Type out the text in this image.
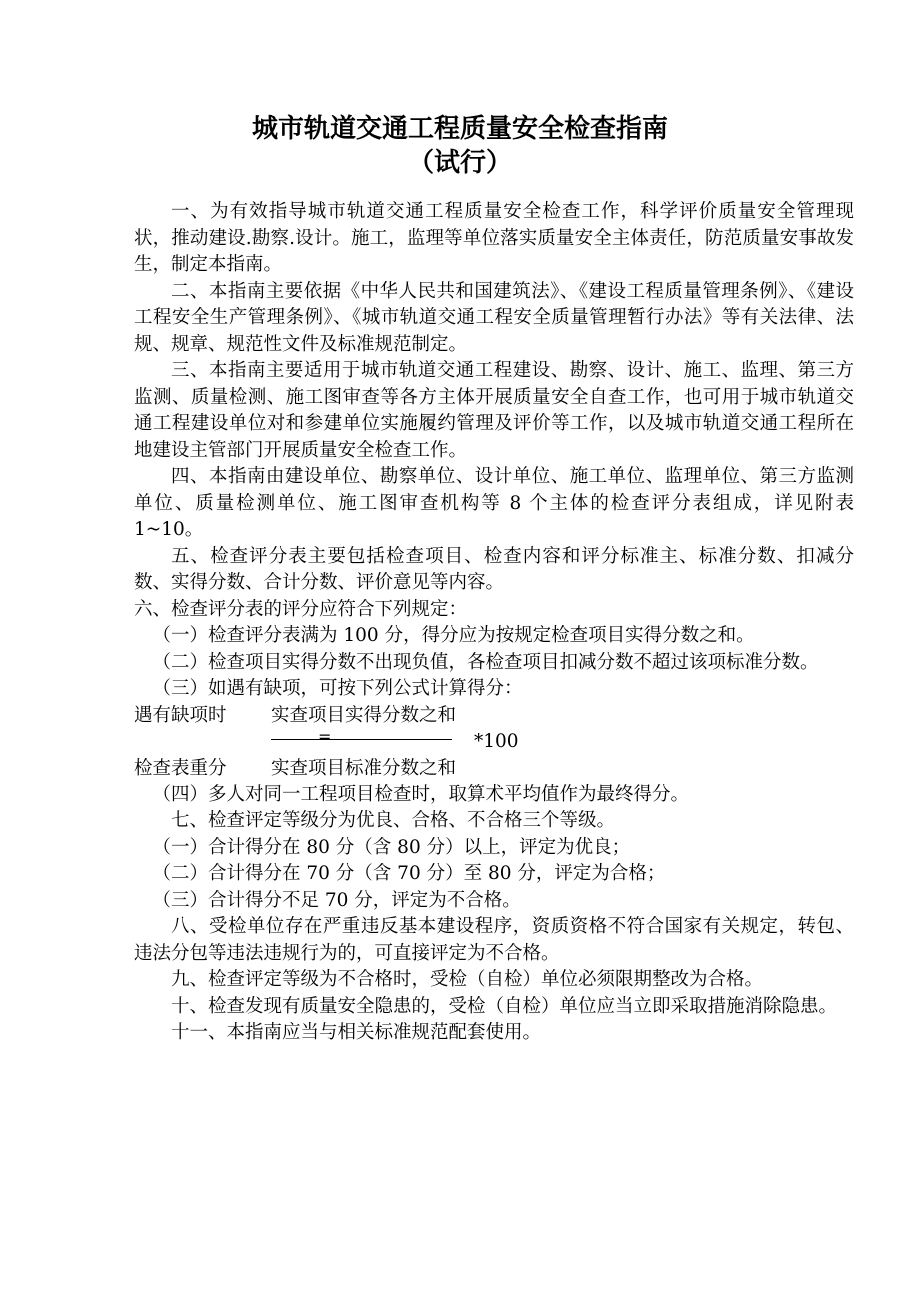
城市轨道交通工程质量安全检查指南
（试行）

一、为有效指导城市轨道交通工程质量安全检查工作，科学评价质量安全管理现状，推动建设.勘察.设计。施工，监理等单位落实质量安全主体责任，防范质量安事故发生，制定本指南。

二、本指南主要依据《中华人民共和国建筑法》、《建设工程质量管理条例》、《建设工程安全生产管理条例》、《城市轨道交通工程安全质量管理暂行办法》等有关法律、法规、规章、规范性文件及标准规范制定。

三、本指南主要适用于城市轨道交通工程建设、勘察、设计、施工、监理、第三方监测、质量检测、施工图审查等各方主体开展质量安全自查工作，也可用于城市轨道交通工程建设单位对和参建单位实施履约管理及评价等工作，以及城市轨道交通工程所在地建设主管部门开展质量安全检查工作。

四、本指南由建设单位、勘察单位、设计单位、施工单位、监理单位、第三方监测单位、质量检测单位、施工图审查机构等 8 个主体的检查评分表组成，详见附表 1~10。

五、检查评分表主要包括检查项目、检查内容和评分标准主、标准分数、扣减分数、实得分数、合计分数、评价意见等内容。

六、检查评分表的评分应符合下列规定：

（一）检查评分表满为 100 分，得分应为按规定检查项目实得分数之和。

（二）检查项目实得分数不出现负值，各检查项目扣减分数不超过该项标准分数。

（三）如遇有缺项，可按下列公式计算得分：

遇有缺项时 实查项目实得分数之和
=	*100
检查表重分 实查项目标准分数之和

（四）多人对同一工程项目检查时，取算术平均值作为最终得分。

七、检查评定等级分为优良、合格、不合格三个等级。

（一）合计得分在 80 分（含 80 分）以上，评定为优良；

（二）合计得分在 70 分（含 70 分）至 80 分，评定为合格；

（三）合计得分不足 70 分，评定为不合格。

八、受检单位存在严重违反基本建设程序，资质资格不符合国家有关规定，转包、违法分包等违法违规行为的，可直接评定为不合格。

九、检查评定等级为不合格时，受检（自检）单位必须限期整改为合格。

十、检查发现有质量安全隐患的，受检（自检）单位应当立即采取措施消除隐患。

十一、本指南应当与相关标准规范配套使用。
